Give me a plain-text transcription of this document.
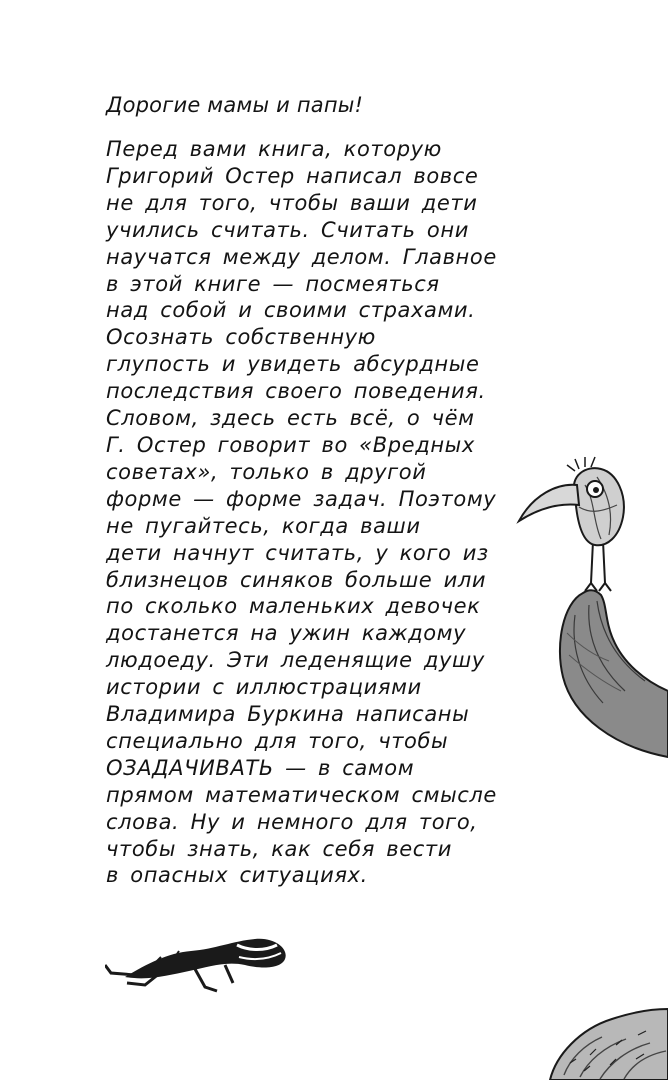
Дорогие мамы и папы!

Перед вами книга, которую
Григорий Остер написал вовсе
не для того, чтобы ваши дети
учились считать. Считать они
научатся между делом. Главное
в этой книге — посмеяться
над собой и своими страхами.
Осознать собственную
глупость и увидеть абсурдные
последствия своего поведения.
Словом, здесь есть всё, о чём
Г. Остер говорит во «Вредных
советах», только в другой
форме — форме задач. Поэтому
не пугайтесь, когда ваши
дети начнут считать, у кого из
близнецов синяков больше или
по сколько маленьких девочек
достанется на ужин каждому
людоеду. Эти леденящие душу
истории с иллюстрациями
Владимира Буркина написаны
специально для того, чтобы
ОЗАДАЧИВАТЬ — в самом
прямом математическом смысле
слова. Ну и немного для того,
чтобы знать, как себя вести
в опасных ситуациях.
